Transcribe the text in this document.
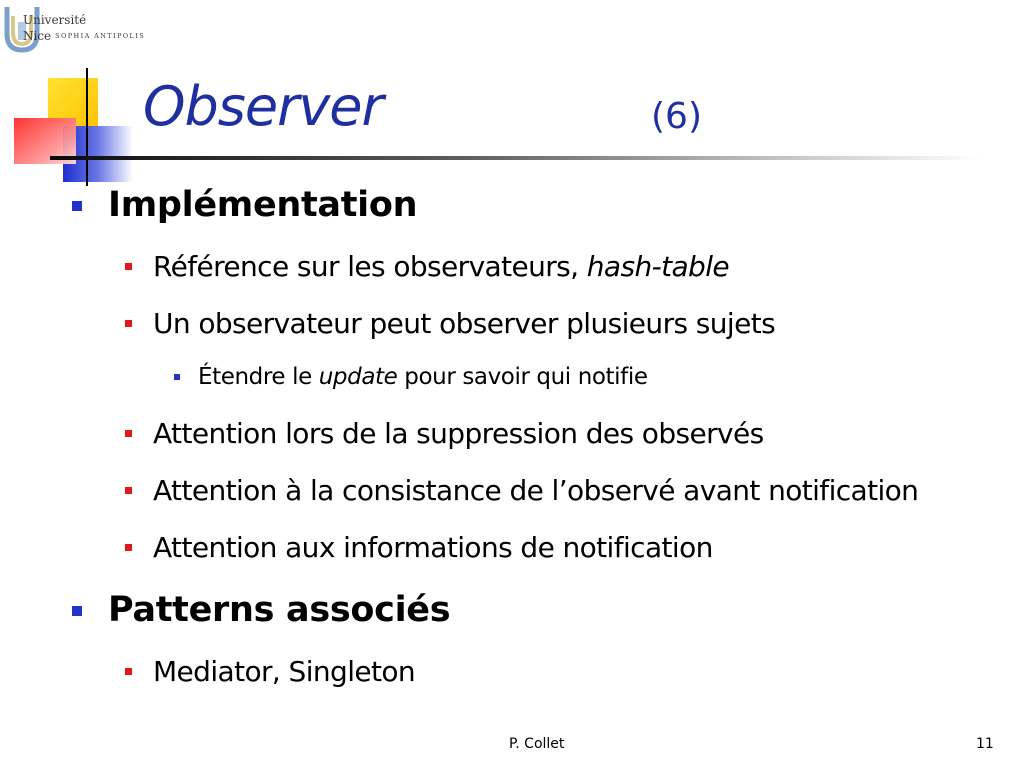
Université
Nice SOPHIA ANTIPOLIS
Observer	(6)
Implémentation
Référence sur les observateurs, hash-table
Un observateur peut observer plusieurs sujets
Étendre le update pour savoir qui notifie
Attention lors de la suppression des observés
Attention à la consistance de l’observé avant notification
Attention aux informations de notification
Patterns associés
Mediator, Singleton
P. Collet	11
